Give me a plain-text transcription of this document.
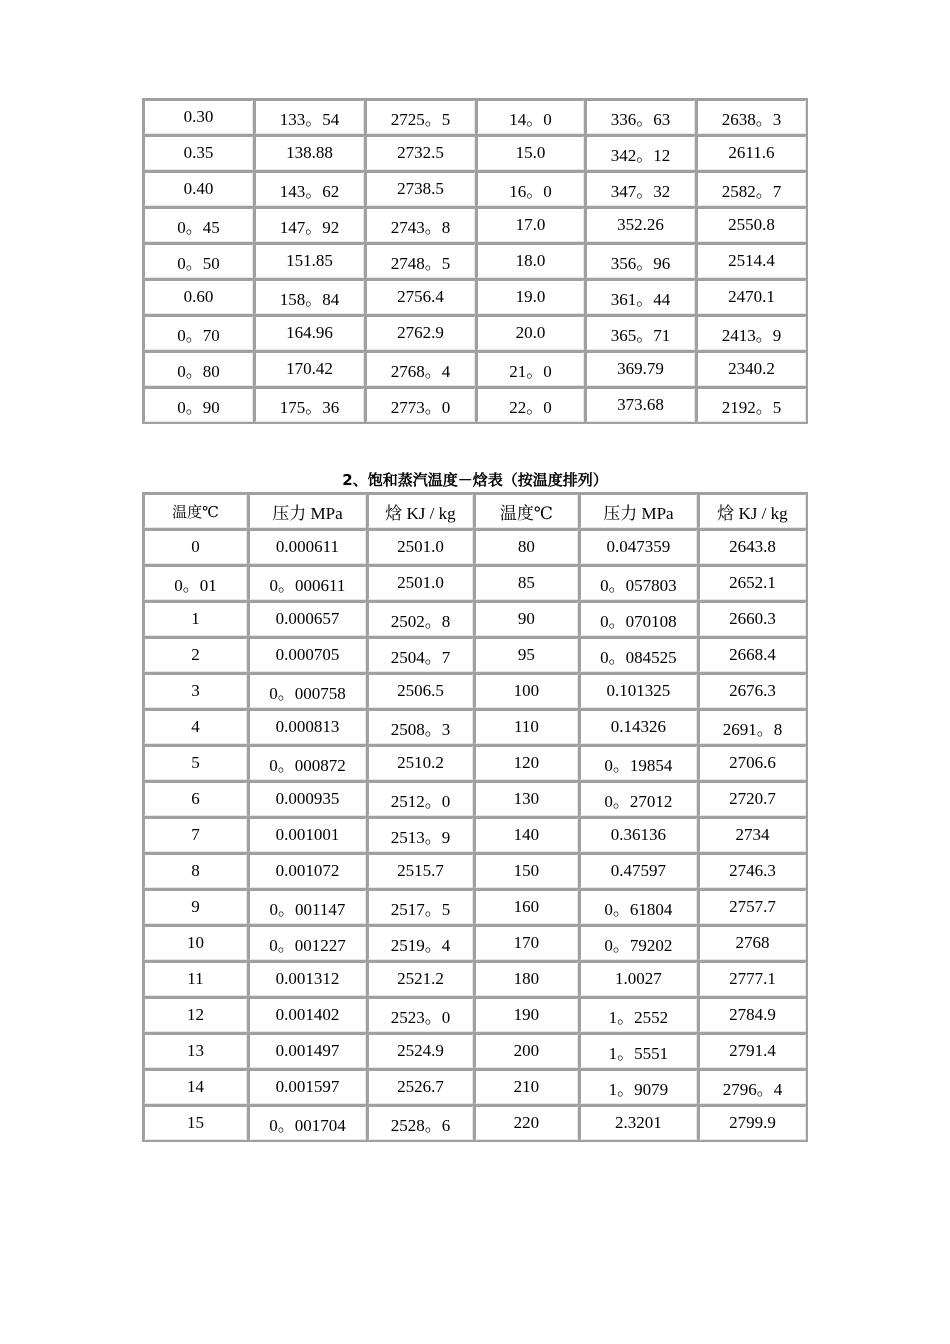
0.30	133。54	2725。5	14。0	336。63	2638。3
0.35	138.88	2732.5	15.0	342。12	2611.6
0.40	143。62	2738.5	16。0	347。32	2582。7
0。45	147。92	2743。8	17.0	352.26	2550.8
0。50	151.85	2748。5	18.0	356。96	2514.4
0.60	158。84	2756.4	19.0	361。44	2470.1
0。70	164.96	2762.9	20.0	365。71	2413。9
0。80	170.42	2768。4	21。0	369.79	2340.2
0。90	175。36	2773。0	22。0	373.68	2192。5
2、饱和蒸汽温度－焓表（按温度排列）
温度℃	压力 MPa	焓 KJ / kg	温度℃	压力 MPa	焓 KJ / kg
0	0.000611	2501.0	80	0.047359	2643.8
0。01	0。000611	2501.0	85	0。057803	2652.1
1	0.000657	2502。8	90	0。070108	2660.3
2	0.000705	2504。7	95	0。084525	2668.4
3	0。000758	2506.5	100	0.101325	2676.3
4	0.000813	2508。3	110	0.14326	2691。8
5	0。000872	2510.2	120	0。19854	2706.6
6	0.000935	2512。0	130	0。27012	2720.7
7	0.001001	2513。9	140	0.36136	2734
8	0.001072	2515.7	150	0.47597	2746.3
9	0。001147	2517。5	160	0。61804	2757.7
10	0。001227	2519。4	170	0。79202	2768
11	0.001312	2521.2	180	1.0027	2777.1
12	0.001402	2523。0	190	1。2552	2784.9
13	0.001497	2524.9	200	1。5551	2791.4
14	0.001597	2526.7	210	1。9079	2796。4
15	0。001704	2528。6	220	2.3201	2799.9
